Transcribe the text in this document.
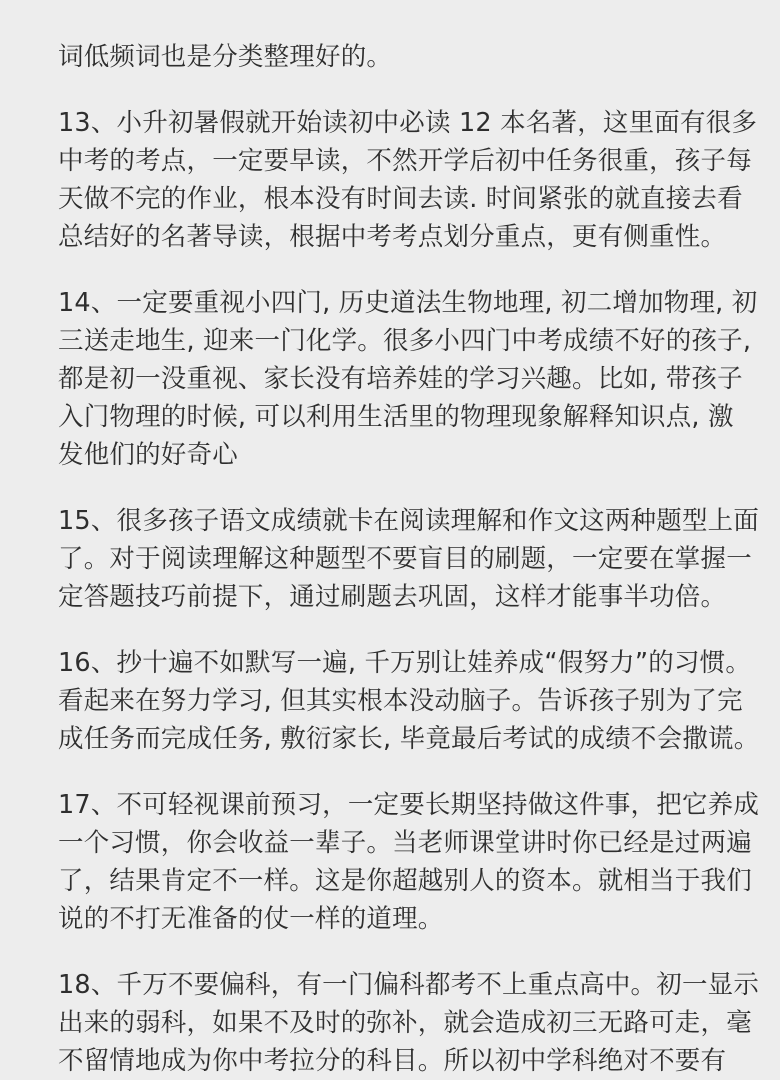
词低频词也是分类整理好的。
13、小升初暑假就开始读初中必读 12 本名著，这里面有很多
中考的考点，一定要早读，不然开学后初中任务很重，孩子每
天做不完的作业，根本没有时间去读. 时间紧张的就直接去看
总结好的名著导读，根据中考考点划分重点，更有侧重性。
14、一定要重视小四门, 历史道法生物地理, 初二增加物理, 初
三送走地生, 迎来一门化学。很多小四门中考成绩不好的孩子,
都是初一没重视、家长没有培养娃的学习兴趣。比如, 带孩子
入门物理的时候, 可以利用生活里的物理现象解释知识点, 激
发他们的好奇心
15、很多孩子语文成绩就卡在阅读理解和作文这两种题型上面
了。对于阅读理解这种题型不要盲目的刷题，一定要在掌握一
定答题技巧前提下，通过刷题去巩固，这样才能事半功倍。
16、抄十遍不如默写一遍, 千万别让娃养成“假努力”的习惯。
看起来在努力学习, 但其实根本没动脑子。告诉孩子别为了完
成任务而完成任务, 敷衍家长, 毕竟最后考试的成绩不会撒谎。
17、不可轻视课前预习，一定要长期坚持做这件事，把它养成
一个习惯，你会收益一辈子。当老师课堂讲时你已经是过两遍
了，结果肯定不一样。这是你超越别人的资本。就相当于我们
说的不打无准备的仗一样的道理。
18、千万不要偏科，有一门偏科都考不上重点高中。初一显示
出来的弱科，如果不及时的弥补，就会造成初三无路可走，毫
不留情地成为你中考拉分的科目。所以初中学科绝对不要有
